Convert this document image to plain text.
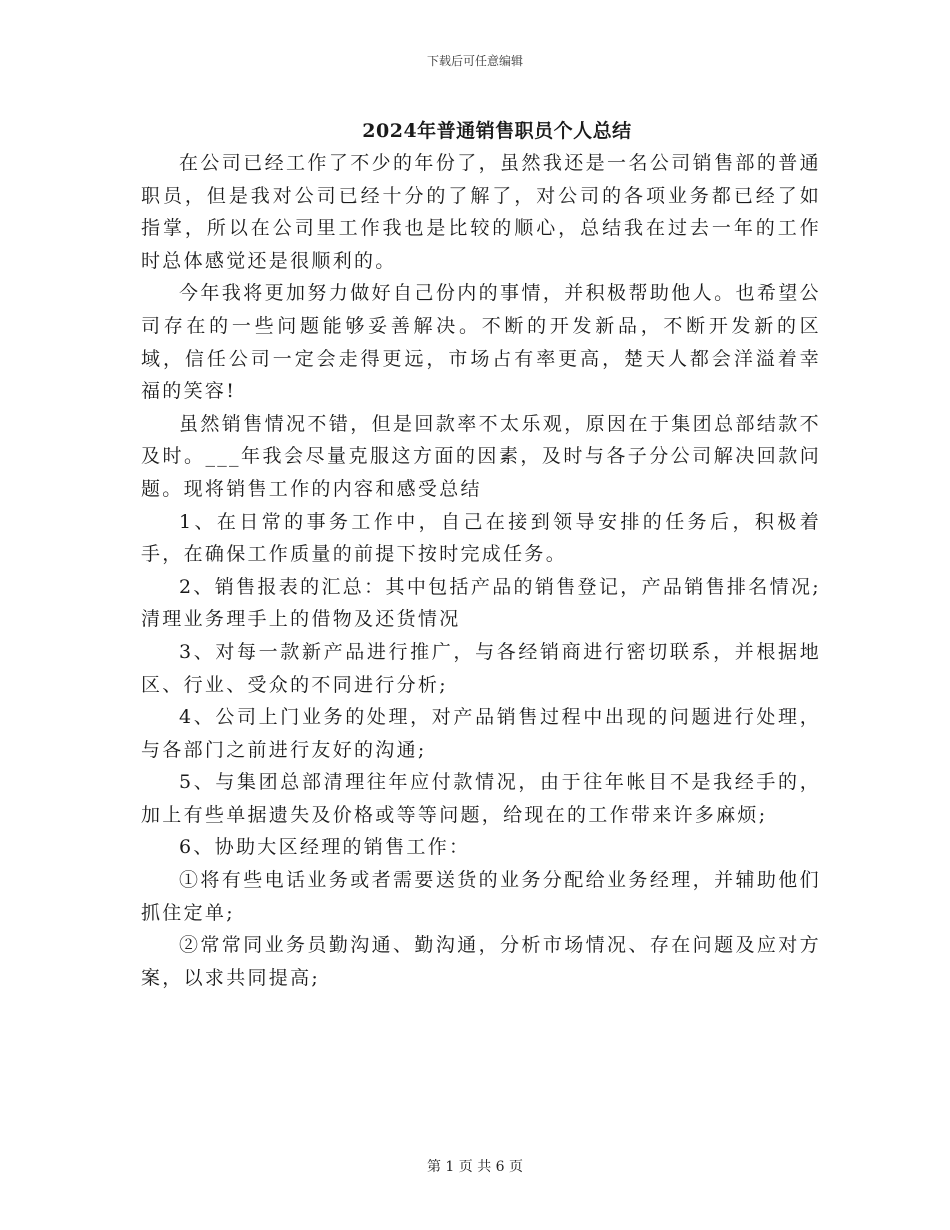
下载后可任意编辑
2024年普通销售职员个人总结

在公司已经工作了不少的年份了，虽然我还是一名公司销售部的普通职员，但是我对公司已经十分的了解了，对公司的各项业务都已经了如指掌，所以在公司里工作我也是比较的顺心，总结我在过去一年的工作时总体感觉还是很顺利的。

今年我将更加努力做好自己份内的事情，并积极帮助他人。也希望公司存在的一些问题能够妥善解决。不断的开发新品，不断开发新的区域，信任公司一定会走得更远，市场占有率更高，楚天人都会洋溢着幸福的笑容!

虽然销售情况不错，但是回款率不太乐观，原因在于集团总部结款不及时。___年我会尽量克服这方面的因素，及时与各子分公司解决回款问题。现将销售工作的内容和感受总结

1、在日常的事务工作中，自己在接到领导安排的任务后，积极着手，在确保工作质量的前提下按时完成任务。

2、销售报表的汇总：其中包括产品的销售登记，产品销售排名情况;清理业务理手上的借物及还货情况

3、对每一款新产品进行推广，与各经销商进行密切联系，并根据地区、行业、受众的不同进行分析;

4、公司上门业务的处理，对产品销售过程中出现的问题进行处理，与各部门之前进行友好的沟通;

5、与集团总部清理往年应付款情况，由于往年帐目不是我经手的，加上有些单据遗失及价格或等等问题，给现在的工作带来许多麻烦;

6、协助大区经理的销售工作：

①将有些电话业务或者需要送货的业务分配给业务经理，并辅助他们抓住定单;

②常常同业务员勤沟通、勤沟通，分析市场情况、存在问题及应对方案，以求共同提高;

第 1 页 共 6 页
